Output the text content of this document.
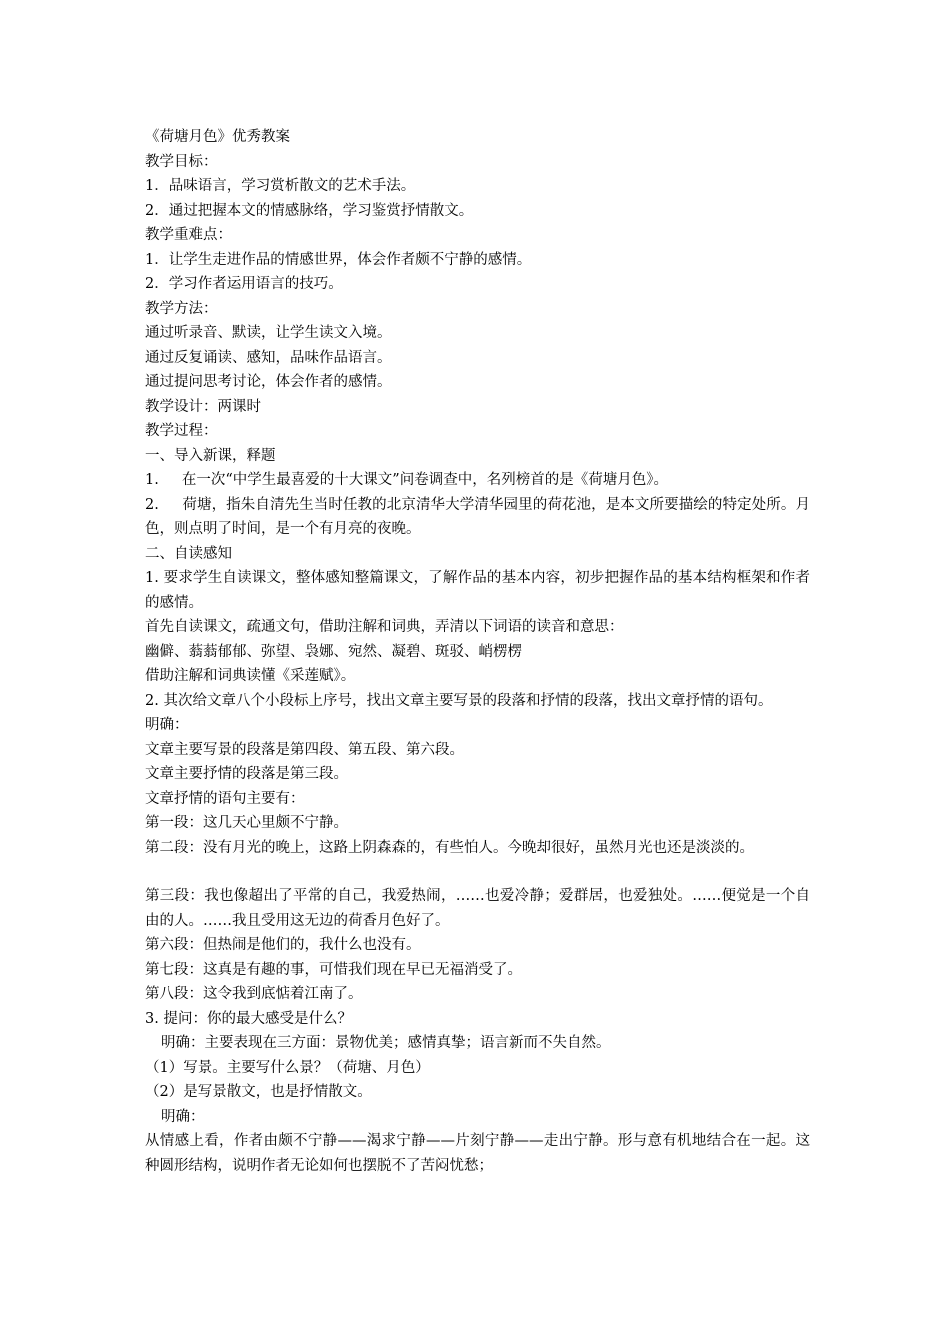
《荷塘月色》优秀教案

教学目标：

1．品味语言，学习赏析散文的艺术手法。

2．通过把握本文的情感脉络，学习鉴赏抒情散文。

教学重难点：

1．让学生走进作品的情感世界，体会作者颇不宁静的感情。

2．学习作者运用语言的技巧。

教学方法：

通过听录音、默读，让学生读文入境。

通过反复诵读、感知，品味作品语言。

通过提问思考讨论，体会作者的感情。

教学设计：两课时

教学过程：

一、导入新课，释题

1.     在一次“中学生最喜爱的十大课文”问卷调查中，名列榜首的是《荷塘月色》。

2.     荷塘，指朱自清先生当时任教的北京清华大学清华园里的荷花池，是本文所要描绘的特定处所。月色，则点明了时间，是一个有月亮的夜晚。

二、自读感知

1. 要求学生自读课文，整体感知整篇课文，了解作品的基本内容，初步把握作品的基本结构框架和作者的感情。

首先自读课文，疏通文句，借助注解和词典，弄清以下词语的读音和意思：

幽僻、蓊蓊郁郁、弥望、袅娜、宛然、凝碧、斑驳、峭楞楞

借助注解和词典读懂《采莲赋》。

2. 其次给文章八个小段标上序号，找出文章主要写景的段落和抒情的段落，找出文章抒情的语句。

明确：

文章主要写景的段落是第四段、第五段、第六段。

文章主要抒情的段落是第三段。

文章抒情的语句主要有：

第一段：这几天心里颇不宁静。

第二段：没有月光的晚上，这路上阴森森的，有些怕人。今晚却很好，虽然月光也还是淡淡的。

第三段：我也像超出了平常的自己，我爱热闹，……也爱冷静；爱群居，也爱独处。……便觉是一个自由的人。……我且受用这无边的荷香月色好了。

第六段：但热闹是他们的，我什么也没有。

第七段：这真是有趣的事，可惜我们现在早已无福消受了。

第八段：这令我到底惦着江南了。

3. 提问：你的最大感受是什么？

明确：主要表现在三方面：景物优美；感情真挚；语言新而不失自然。

（1）写景。主要写什么景？（荷塘、月色）

（2）是写景散文，也是抒情散文。

明确：

从情感上看，作者由颇不宁静——渴求宁静——片刻宁静——走出宁静。形与意有机地结合在一起。这种圆形结构，说明作者无论如何也摆脱不了苦闷忧愁；
